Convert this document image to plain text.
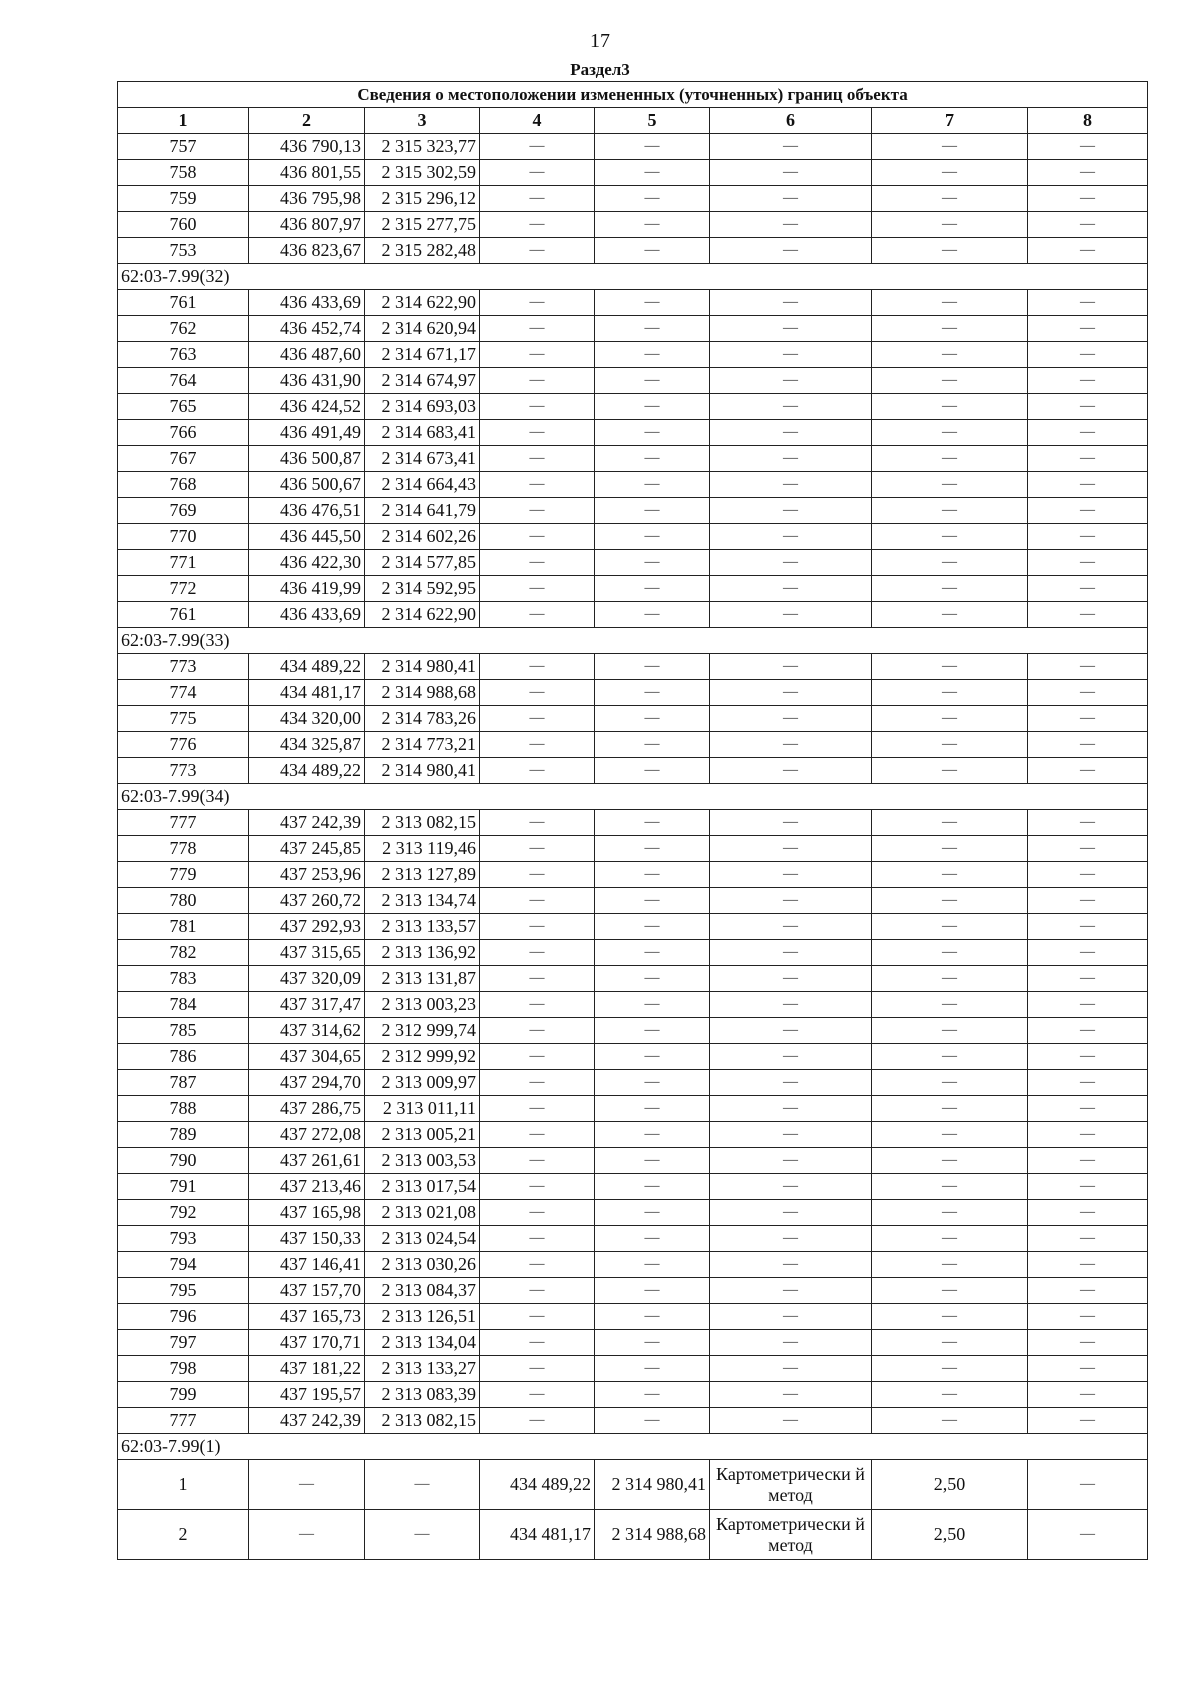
17
Раздел3
Сведения о местоположении измененных (уточненных) границ объекта							
1	2	3	4	5	6	7	8
757	436 790,13	2 315 323,77	—	—	—	—	—
758	436 801,55	2 315 302,59	—	—	—	—	—
759	436 795,98	2 315 296,12	—	—	—	—	—
760	436 807,97	2 315 277,75	—	—	—	—	—
753	436 823,67	2 315 282,48	—	—	—	—	—
62:03-7.99(32)							
761	436 433,69	2 314 622,90	—	—	—	—	—
762	436 452,74	2 314 620,94	—	—	—	—	—
763	436 487,60	2 314 671,17	—	—	—	—	—
764	436 431,90	2 314 674,97	—	—	—	—	—
765	436 424,52	2 314 693,03	—	—	—	—	—
766	436 491,49	2 314 683,41	—	—	—	—	—
767	436 500,87	2 314 673,41	—	—	—	—	—
768	436 500,67	2 314 664,43	—	—	—	—	—
769	436 476,51	2 314 641,79	—	—	—	—	—
770	436 445,50	2 314 602,26	—	—	—	—	—
771	436 422,30	2 314 577,85	—	—	—	—	—
772	436 419,99	2 314 592,95	—	—	—	—	—
761	436 433,69	2 314 622,90	—	—	—	—	—
62:03-7.99(33)							
773	434 489,22	2 314 980,41	—	—	—	—	—
774	434 481,17	2 314 988,68	—	—	—	—	—
775	434 320,00	2 314 783,26	—	—	—	—	—
776	434 325,87	2 314 773,21	—	—	—	—	—
773	434 489,22	2 314 980,41	—	—	—	—	—
62:03-7.99(34)							
777	437 242,39	2 313 082,15	—	—	—	—	—
778	437 245,85	2 313 119,46	—	—	—	—	—
779	437 253,96	2 313 127,89	—	—	—	—	—
780	437 260,72	2 313 134,74	—	—	—	—	—
781	437 292,93	2 313 133,57	—	—	—	—	—
782	437 315,65	2 313 136,92	—	—	—	—	—
783	437 320,09	2 313 131,87	—	—	—	—	—
784	437 317,47	2 313 003,23	—	—	—	—	—
785	437 314,62	2 312 999,74	—	—	—	—	—
786	437 304,65	2 312 999,92	—	—	—	—	—
787	437 294,70	2 313 009,97	—	—	—	—	—
788	437 286,75	2 313 011,11	—	—	—	—	—
789	437 272,08	2 313 005,21	—	—	—	—	—
790	437 261,61	2 313 003,53	—	—	—	—	—
791	437 213,46	2 313 017,54	—	—	—	—	—
792	437 165,98	2 313 021,08	—	—	—	—	—
793	437 150,33	2 313 024,54	—	—	—	—	—
794	437 146,41	2 313 030,26	—	—	—	—	—
795	437 157,70	2 313 084,37	—	—	—	—	—
796	437 165,73	2 313 126,51	—	—	—	—	—
797	437 170,71	2 313 134,04	—	—	—	—	—
798	437 181,22	2 313 133,27	—	—	—	—	—
799	437 195,57	2 313 083,39	—	—	—	—	—
777	437 242,39	2 313 082,15	—	—	—	—	—
62:03-7.99(1)							
1	—	—	434 489,22	2 314 980,41	Картометрически й метод	2,50	—
2	—	—	434 481,17	2 314 988,68	Картометрически й метод	2,50	—
